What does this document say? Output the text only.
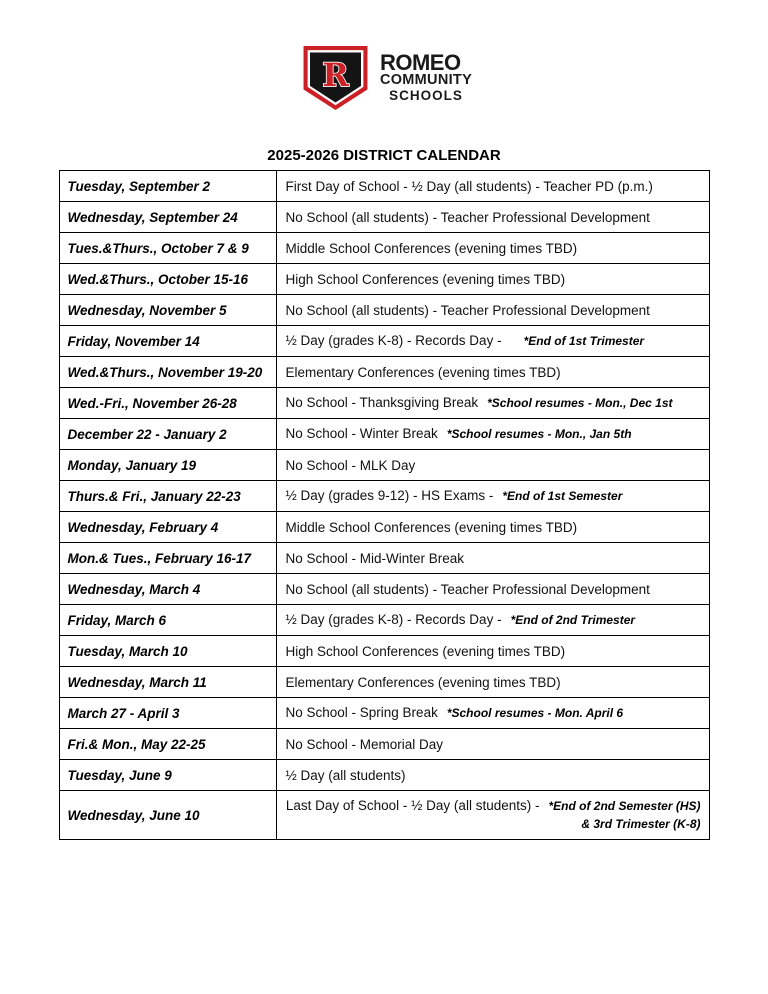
R ROMEO
COMMUNITY
SCHOOLS
2025-2026 DISTRICT CALENDAR
Tuesday, September 2	First Day of School - ½ Day (all students) - Teacher PD (p.m.)
Wednesday, September 24	No School (all students) - Teacher Professional Development
Tues.&Thurs., October 7 & 9	Middle School Conferences (evening times TBD)
Wed.&Thurs., October 15-16	High School Conferences (evening times TBD)
Wednesday, November 5	No School (all students) - Teacher Professional Development
Friday, November 14	½ Day (grades K-8) - Records Day - *End of 1st Trimester
Wed.&Thurs., November 19-20	Elementary Conferences (evening times TBD)
Wed.-Fri., November 26-28	No School - Thanksgiving Break *School resumes - Mon., Dec 1st
December 22 - January 2	No School - Winter Break *School resumes - Mon., Jan 5th
Monday, January 19	No School - MLK Day
Thurs.& Fri., January 22-23	½ Day (grades 9-12) - HS Exams - *End of 1st Semester
Wednesday, February 4	Middle School Conferences (evening times TBD)
Mon.& Tues., February 16-17	No School - Mid-Winter Break
Wednesday, March 4	No School (all students) - Teacher Professional Development
Friday, March 6	½ Day (grades K-8) - Records Day - *End of 2nd Trimester
Tuesday, March 10	High School Conferences (evening times TBD)
Wednesday, March 11	Elementary Conferences (evening times TBD)
March 27 - April 3	No School - Spring Break *School resumes - Mon. April 6
Fri.& Mon., May 22-25	No School - Memorial Day
Tuesday, June 9	½ Day (all students)
Wednesday, June 10	Last Day of School - ½ Day (all students) - *End of 2nd Semester (HS) & 3rd Trimester (K-8)
